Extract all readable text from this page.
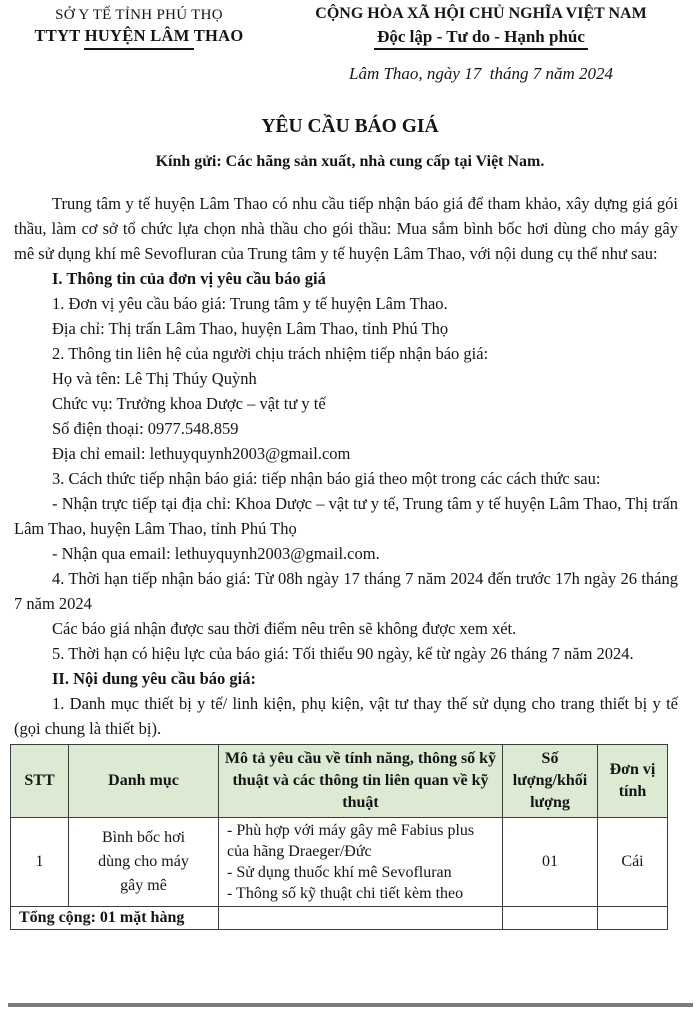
SỞ Y TẾ TỈNH PHÚ THỌ
TTYT HUYỆN LÂM THAO
CỘNG HÒA XÃ HỘI CHỦ NGHĨA VIỆT NAM
Độc lập - Tư do - Hạnh phúc
Lâm Thao, ngày 17  tháng 7 năm 2024
YÊU CẦU BÁO GIÁ
Kính gửi: Các hãng sản xuất, nhà cung cấp tại Việt Nam.

Trung tâm y tế huyện Lâm Thao có nhu cầu tiếp nhận báo giá để tham khảo, xây dựng giá gói thầu, làm cơ sở tổ chức lựa chọn nhà thầu cho gói thầu: Mua sắm bình bốc hơi dùng cho máy gây mê sử dụng khí mê Sevofluran của Trung tâm y tế huyện Lâm Thao, với nội dung cụ thể như sau:

I. Thông tin của đơn vị yêu cầu báo giá

1. Đơn vị yêu cầu báo giá: Trung tâm y tế huyện Lâm Thao.

Địa chỉ: Thị trấn Lâm Thao, huyện Lâm Thao, tỉnh Phú Thọ

2. Thông tin liên hệ của người chịu trách nhiệm tiếp nhận báo giá:

Họ và tên: Lê Thị Thúy Quỳnh

Chức vụ: Trưởng khoa Dược – vật tư y tế

Số điện thoại: 0977.548.859

Địa chỉ email: lethuyquynh2003@gmail.com

3. Cách thức tiếp nhận báo giá: tiếp nhận báo giá theo một trong các cách thức sau:

- Nhận trực tiếp tại địa chỉ: Khoa Dược – vật tư y tế, Trung tâm y tế huyện Lâm Thao, Thị trấn Lâm Thao, huyện Lâm Thao, tỉnh Phú Thọ

- Nhận qua email: lethuyquynh2003@gmail.com.

4. Thời hạn tiếp nhận báo giá: Từ 08h ngày 17 tháng 7 năm 2024 đến trước 17h ngày 26 tháng 7 năm 2024

Các báo giá nhận được sau thời điểm nêu trên sẽ không được xem xét.

5. Thời hạn có hiệu lực của báo giá: Tối thiểu 90 ngày, kể từ ngày 26 tháng 7 năm 2024.

II. Nội dung yêu cầu báo giá:

1. Danh mục thiết bị y tế/ linh kiện, phụ kiện, vật tư thay thế sử dụng cho trang thiết bị y tế (gọi chung là thiết bị).

STT	Danh mục	Mô tả yêu cầu về tính năng, thông số kỹ thuật và các thông tin liên quan về kỹ thuật	Số lượng/khối lượng	Đơn vị tính
1	Bình bốc hơi dùng cho máy gây mê	- Phù hợp với máy gây mê Fabius plus của hãng Draeger/Đức
- Sử dụng thuốc khí mê Sevofluran
- Thông số kỹ thuật chi tiết kèm theo	01	Cái
Tổng cộng: 01 mặt hàng				
